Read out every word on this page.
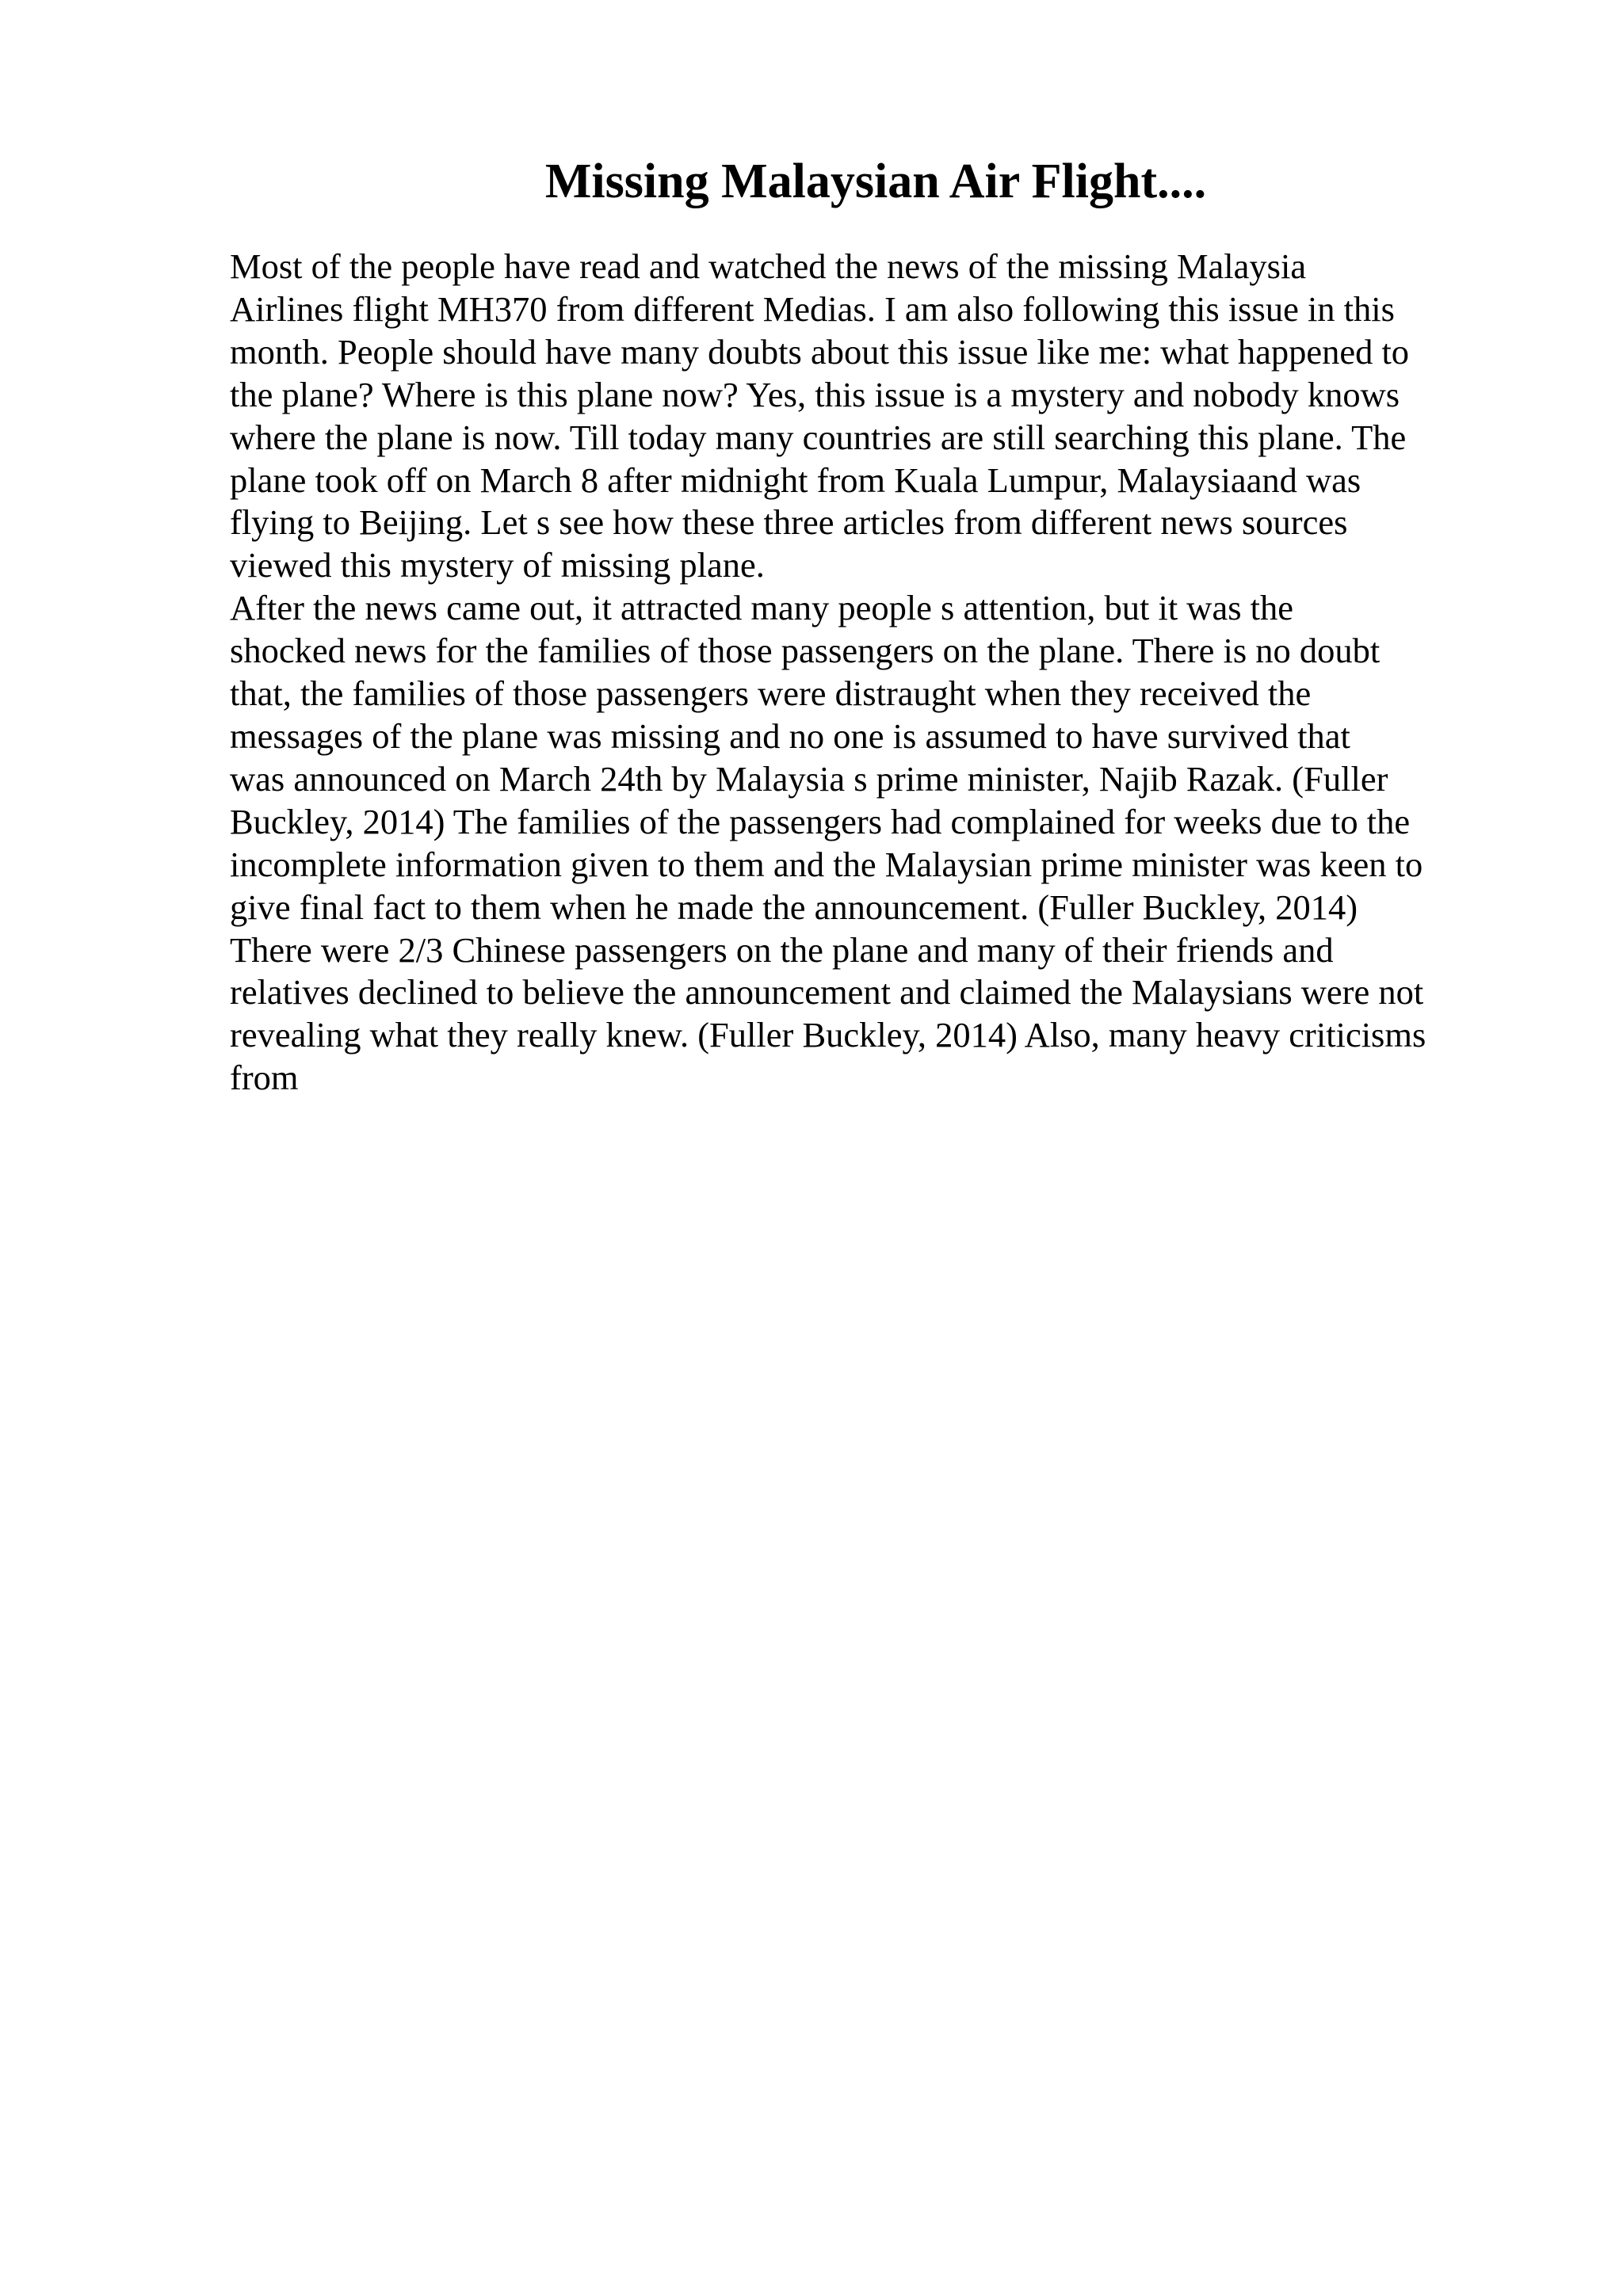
Missing Malaysian Air Flight....
Most of the people have read and watched the news of the missing Malaysia
Airlines flight MH370 from different Medias. I am also following this issue in this
month. People should have many doubts about this issue like me: what happened to
the plane? Where is this plane now? Yes, this issue is a mystery and nobody knows
where the plane is now. Till today many countries are still searching this plane. The
plane took off on March 8 after midnight from Kuala Lumpur, Malaysiaand was
flying to Beijing. Let s see how these three articles from different news sources
viewed this mystery of missing plane.
After the news came out, it attracted many people s attention, but it was the
shocked news for the families of those passengers on the plane. There is no doubt
that, the families of those passengers were distraught when they received the
messages of the plane was missing and no one is assumed to have survived that
was announced on March 24th by Malaysia s prime minister, Najib Razak. (Fuller
Buckley, 2014) The families of the passengers had complained for weeks due to the
incomplete information given to them and the Malaysian prime minister was keen to
give final fact to them when he made the announcement. (Fuller Buckley, 2014)
There were 2/3 Chinese passengers on the plane and many of their friends and
relatives declined to believe the announcement and claimed the Malaysians were not
revealing what they really knew. (Fuller Buckley, 2014) Also, many heavy criticisms
from
